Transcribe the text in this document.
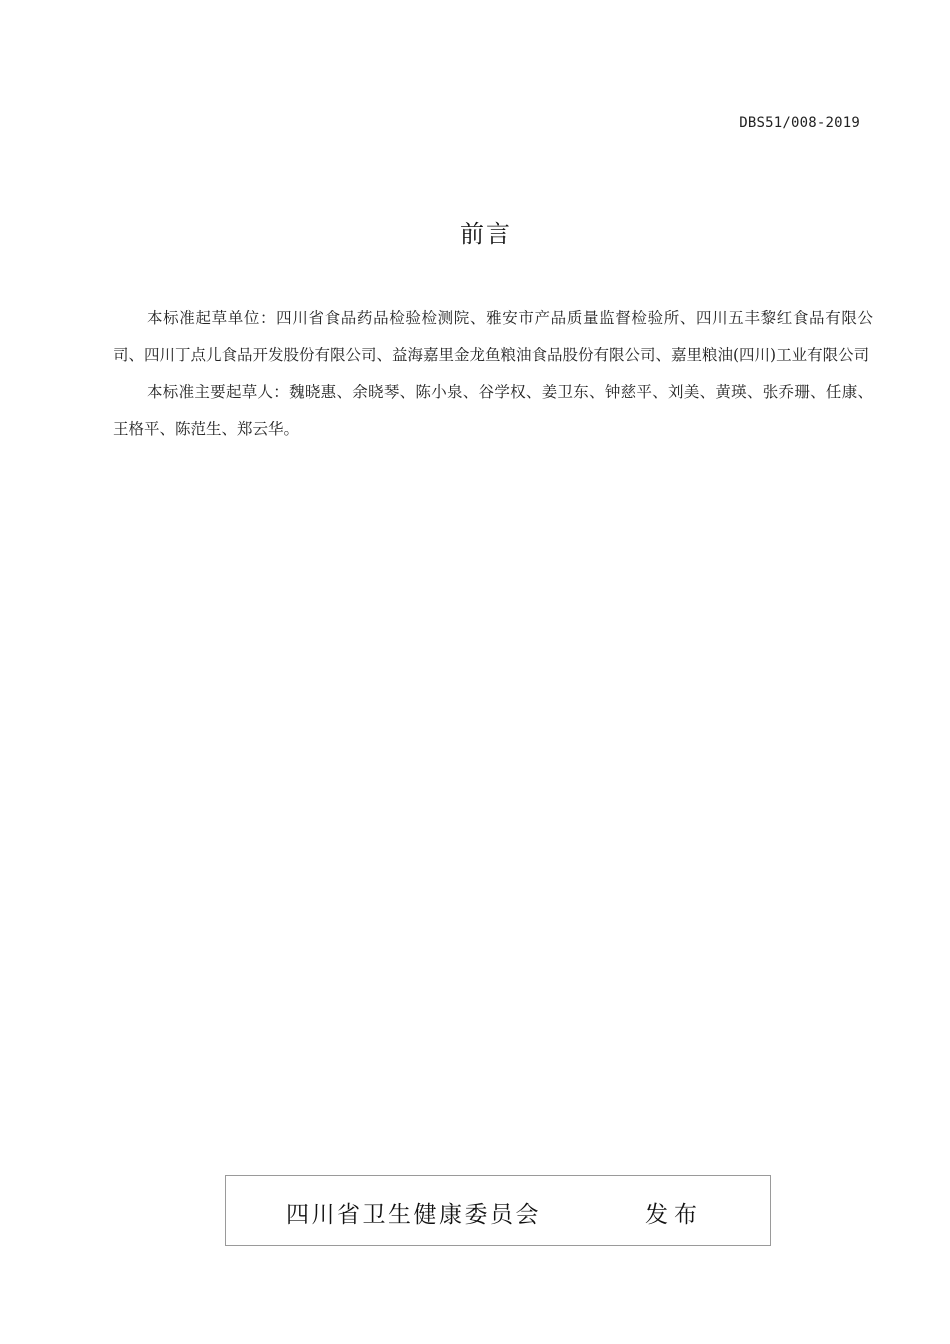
DBS51/008-2019
前言

本标准起草单位：四川省食品药品检验检测院、雅安市产品质量监督检验所、四川五丰黎红食品有限公司、四川丁点儿食品开发股份有限公司、益海嘉里金龙鱼粮油食品股份有限公司、嘉里粮油(四川)工业有限公司

本标准主要起草人：魏晓惠、余晓琴、陈小泉、谷学权、姜卫东、钟慈平、刘美、黄瑛、张乔珊、任康、王格平、陈范生、郑云华。

四川省卫生健康委员会	发布
